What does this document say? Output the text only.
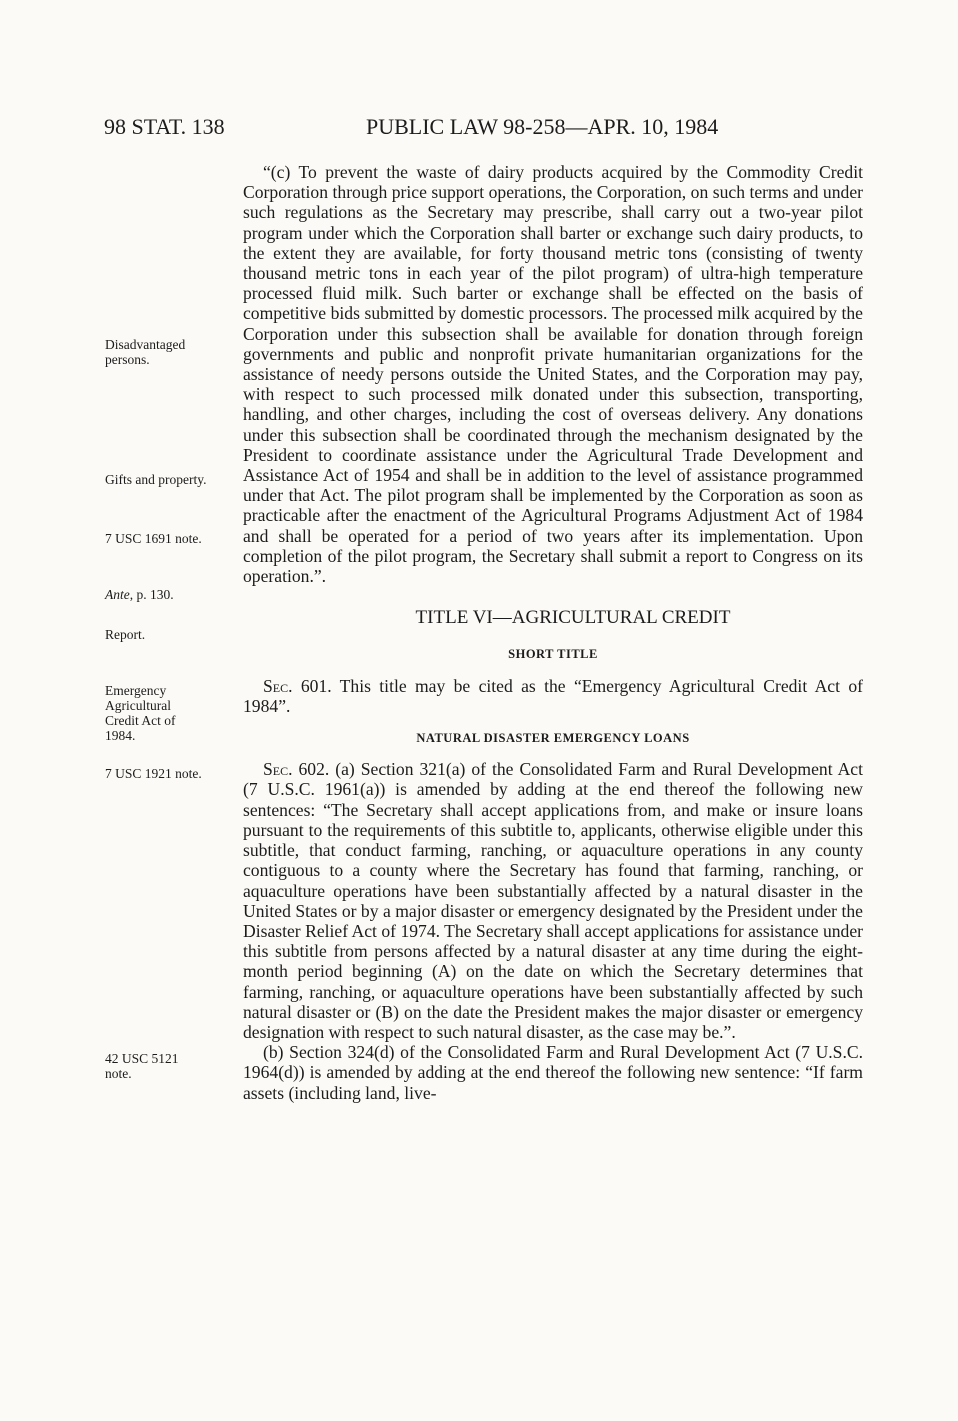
98 STAT. 138	PUBLIC LAW 98-258—APR. 10, 1984
Disadvantaged persons.
Gifts and property.
7 USC 1691 note.
Ante, p. 130.
Report.
Emergency Agricultural Credit Act of 1984.
7 USC 1921 note.
42 USC 5121 note.

“(c) To prevent the waste of dairy products acquired by the Commodity Credit Corporation through price support operations, the Corporation, on such terms and under such regulations as the Secretary may prescribe, shall carry out a two-year pilot program under which the Corporation shall barter or exchange such dairy products, to the extent they are available, for forty thousand metric tons (consisting of twenty thousand metric tons in each year of the pilot program) of ultra-high temperature processed fluid milk. Such barter or exchange shall be effected on the basis of competitive bids submitted by domestic processors. The processed milk acquired by the Corporation under this subsection shall be available for donation through foreign governments and public and nonprofit private humanitarian organizations for the assistance of needy persons outside the United States, and the Corporation may pay, with respect to such processed milk donated under this subsection, transporting, handling, and other charges, including the cost of overseas delivery. Any donations under this subsection shall be coordinated through the mechanism designated by the President to coordinate assistance under the Agricultural Trade Development and Assistance Act of 1954 and shall be in addition to the level of assistance programmed under that Act. The pilot program shall be implemented by the Corporation as soon as practicable after the enactment of the Agricultural Programs Adjustment Act of 1984 and shall be operated for a period of two years after its implementation. Upon completion of the pilot program, the Secretary shall submit a report to Congress on its operation.”.

TITLE VI—AGRICULTURAL CREDIT
SHORT TITLE

Sec. 601. This title may be cited as the “Emergency Agricultural Credit Act of 1984”.

NATURAL DISASTER EMERGENCY LOANS

Sec. 602. (a) Section 321(a) of the Consolidated Farm and Rural Development Act (7 U.S.C. 1961(a)) is amended by adding at the end thereof the following new sentences: “The Secretary shall accept applications from, and make or insure loans pursuant to the requirements of this subtitle to, applicants, otherwise eligible under this subtitle, that conduct farming, ranching, or aquaculture operations in any county contiguous to a county where the Secretary has found that farming, ranching, or aquaculture operations have been substantially affected by a natural disaster in the United States or by a major disaster or emergency designated by the President under the Disaster Relief Act of 1974. The Secretary shall accept applications for assistance under this subtitle from persons affected by a natural disaster at any time during the eight-month period beginning (A) on the date on which the Secretary determines that farming, ranching, or aquaculture operations have been substantially affected by such natural disaster or (B) on the date the President makes the major disaster or emergency designation with respect to such natural disaster, as the case may be.”.

(b) Section 324(d) of the Consolidated Farm and Rural Development Act (7 U.S.C. 1964(d)) is amended by adding at the end thereof the following new sentence: “If farm assets (including land, live-
